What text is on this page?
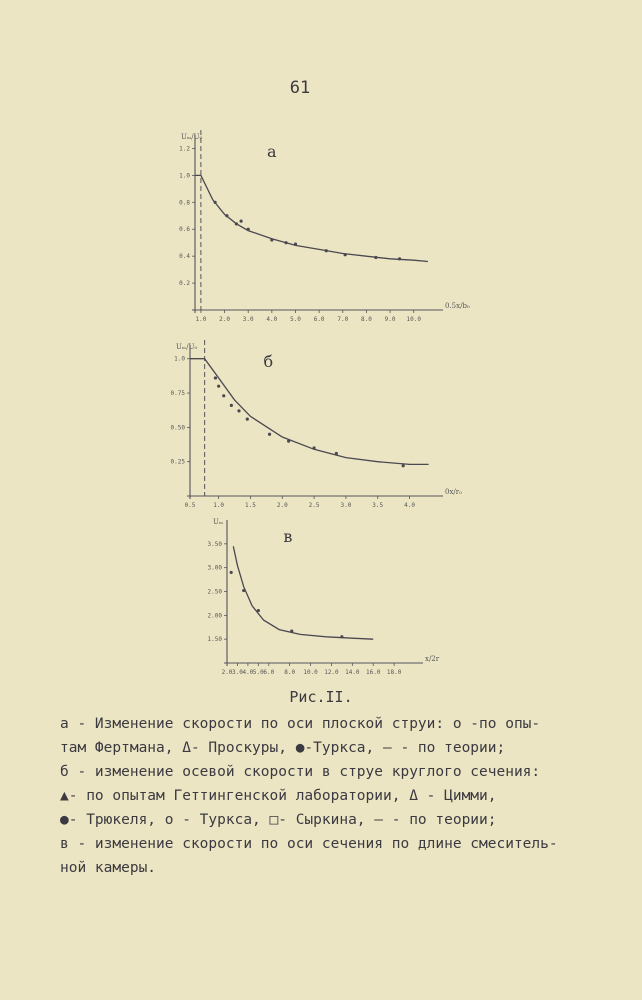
61
0.2
0.4
0.6
0.8
1.0
1.2
1.0 2.0 3.0 4.0 5.0 6.0 7.0 8.0 9.0 10.0
Uₘ/U₀
0.5x/b₀
а
0.25
0.50
0.75
1.0
0.5	1.0	1.5	2.0	2.5	3.0	3.5	4.0
Uₘ/U₀
0x/r₀
б
1.50
2.00
2.50
3.00
3.50
2.0 3.0 4.0 5.0 6.0 8.0 10.0 12.0 14.0 16.0 18.0
Uₘ
x/2r
в
Рис.II.
а - Изменение скорости по оси плоской струи: о -по опы-
там Фертмана, Δ- Проскуры, ●-Туркса, — - по теории;
б - изменение осевой скорости в струе круглого сечения:
▲- по опытам Геттингенской лаборатории, Δ - Цимми,
●- Трюкеля, о - Туркса, □- Сыркина, — - по теории;
в - изменение скорости по оси сечения по длине смеситель-
ной камеры.
